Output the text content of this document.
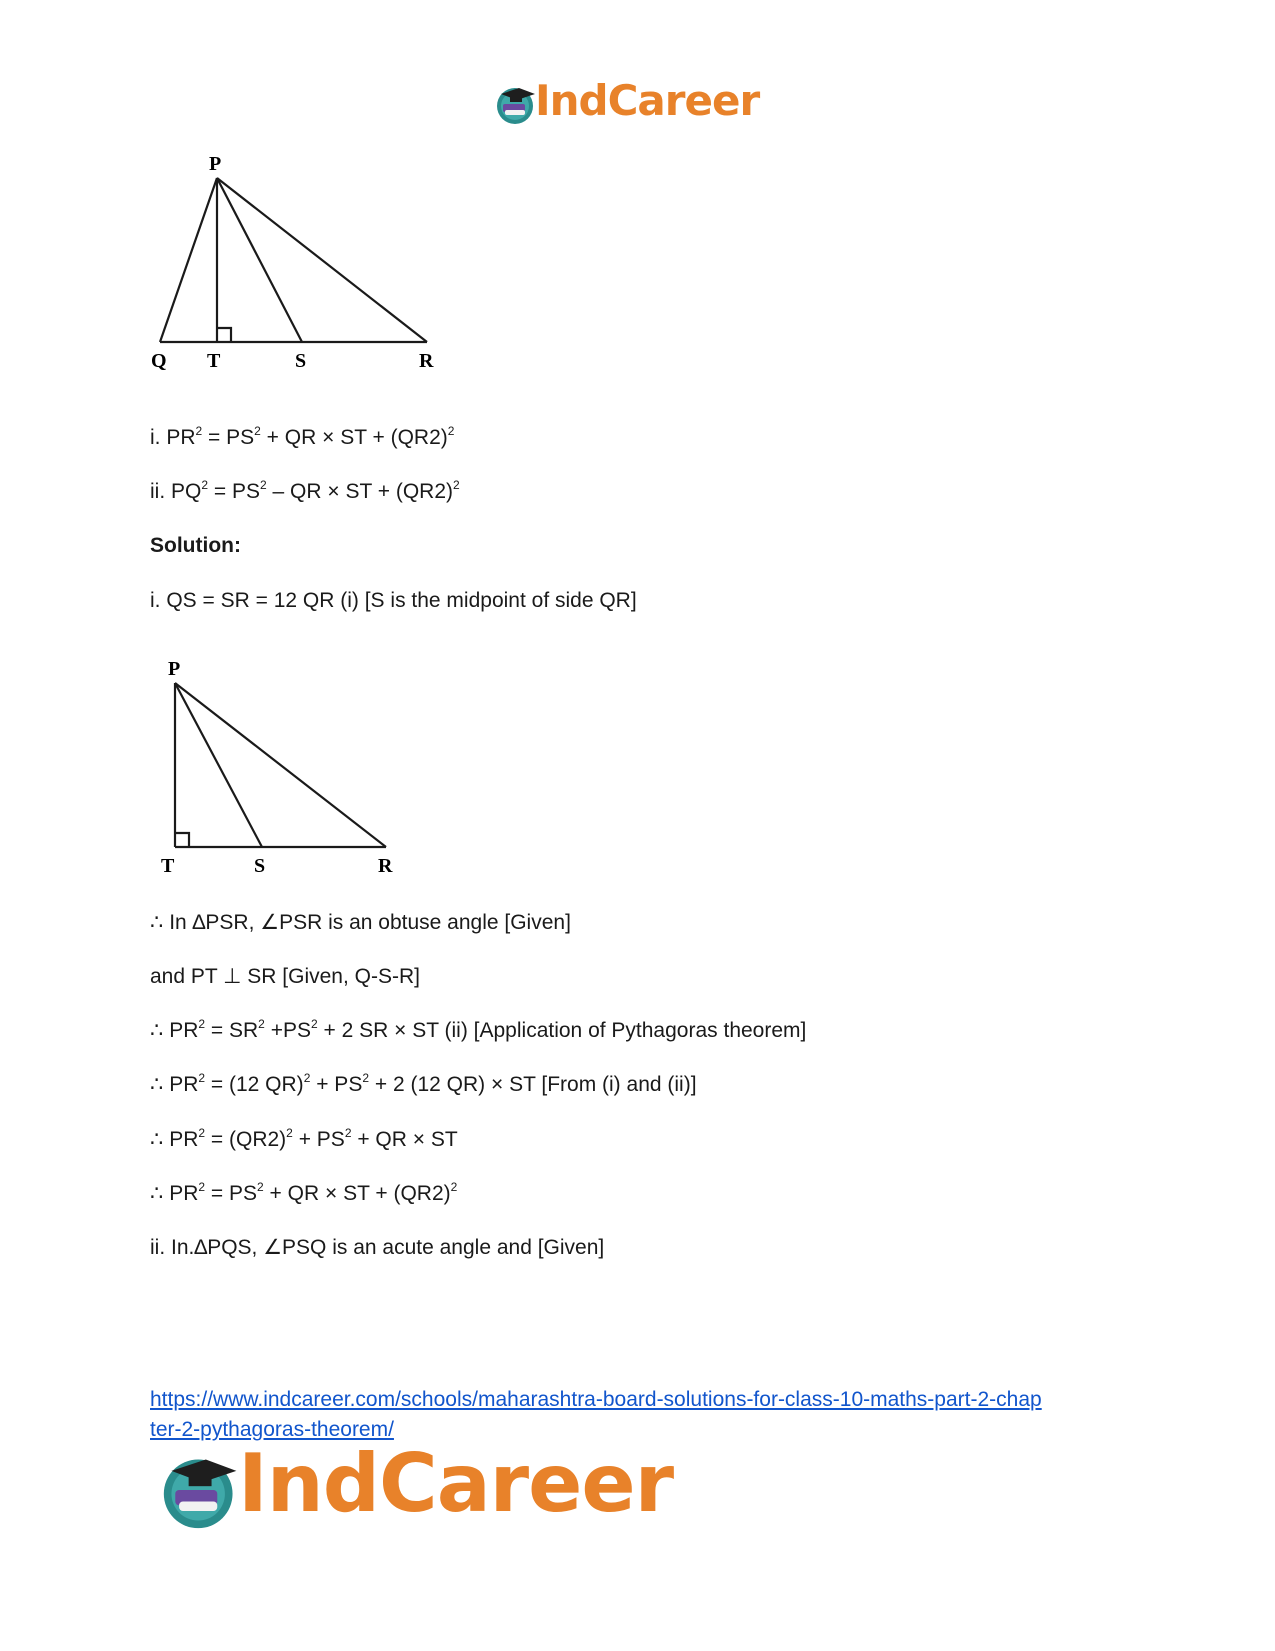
IndCareer
P
Q T	S	R
i. $PR^2 = PS^2$ + QR × ST + $(QR2)^2$
ii. $PQ^2 = PS^2$ – QR × ST + $(QR2)^2$
Solution:
i. QS = SR = 12 QR (i) [S is the midpoint of side QR]
P
T	S	R
∴ In ∆PSR, ∠PSR is an obtuse angle [Given]
and PT ⊥ SR [Given, Q-S-R]
∴ $PR^2 = SR^2 +PS^2 + 2$ SR × ST (ii) [Application of Pythagoras theorem]
∴ $PR^2 = (12$ $QR)^2 + PS^2 + 2$ (12 QR) × ST [From (i) and (ii)]
∴ $PR^2 = (QR2)^2 + PS^2$ + QR × ST
∴ $PR^2 = PS^2$ + QR × ST + $(QR2)^2$
ii. In.∆PQS, ∠PSQ is an acute angle and [Given]
https://www.indcareer.com/schools/maharashtra-board-solutions-for-class-10-maths-part-2-chap
ter-2-pythagoras-theorem/
IndCareer
